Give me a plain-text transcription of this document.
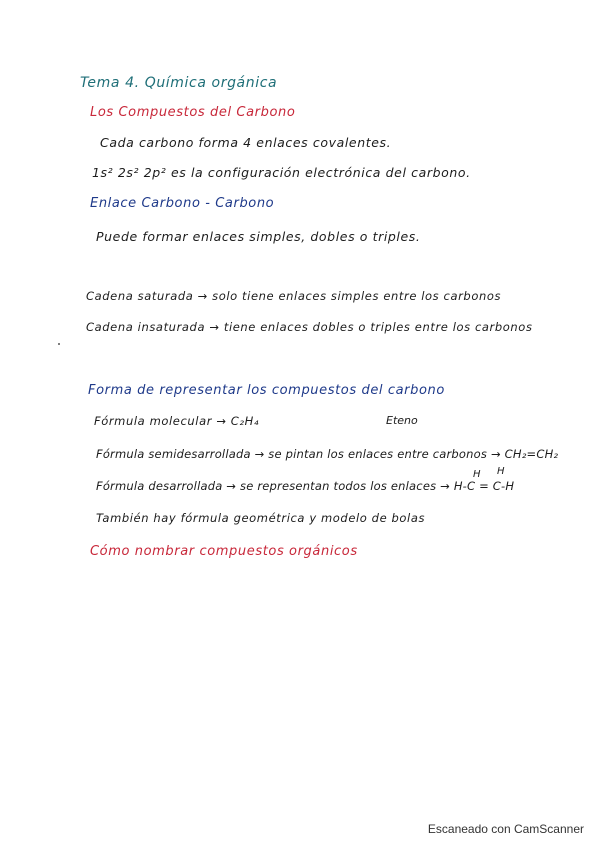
Tema 4. Química orgánica
Los Compuestos del Carbono
Cada carbono forma 4 enlaces covalentes.
1s² 2s² 2p² es la configuración electrónica del carbono.
Enlace Carbono - Carbono
Puede formar enlaces simples, dobles o triples.
Cadena saturada → solo tiene enlaces simples entre los carbonos
Cadena insaturada → tiene enlaces dobles o triples entre los carbonos
Forma de representar los compuestos del carbono
Fórmula molecular → C₂H₄	Eteno
Fórmula semidesarrollada → se pintan los enlaces entre carbonos → CH₂=CH₂
H H
Fórmula desarrollada → se representan todos los enlaces → H-C = C-H
También hay fórmula geométrica y modelo de bolas
Cómo nombrar compuestos orgánicos
Escaneado con CamScanner
